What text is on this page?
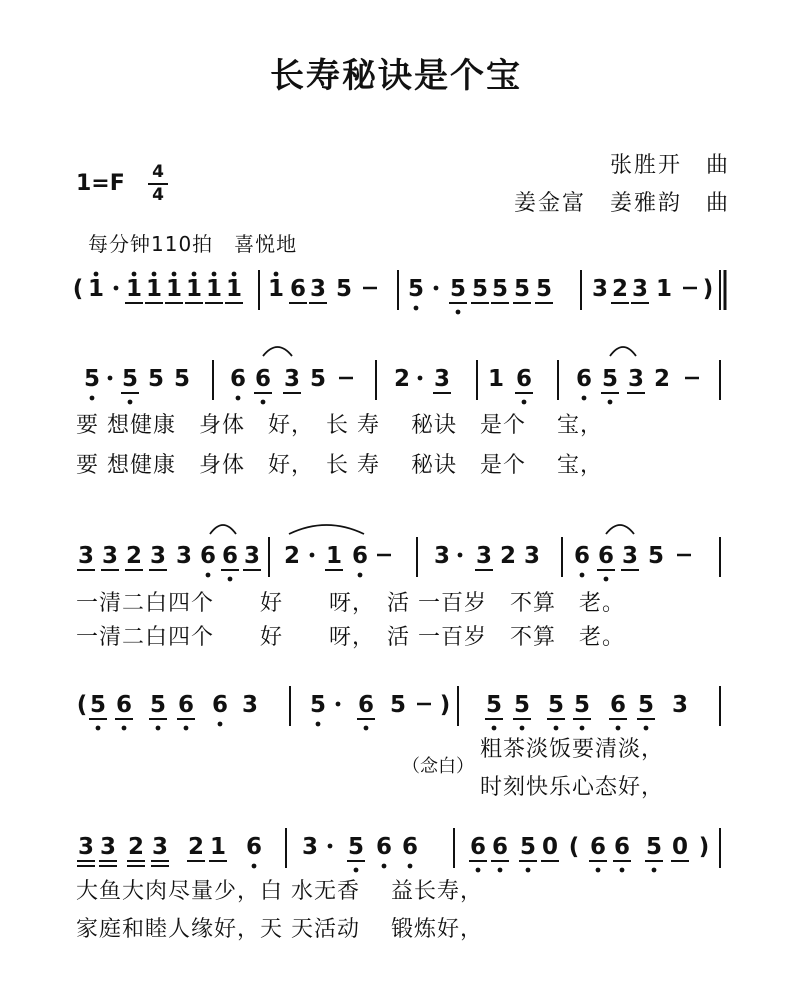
长寿秘诀是个宝
张胜开　曲
姜金富　姜雅韵　曲
1=F 4
4
每分钟110拍　喜悦地
( 1 1 1 1 1 1 1 1 6 3 5 5 5 5 5 5 5 3 2 3 1 )
5 5 5 5 6 6 3 5	2 3 1 6 6 5 3 2
3 3 2 3 3 6 6 3 2 1 6	3 3 2 3 6 6 3 5
( 5 6 5 6 6 3 5 6 5 ) 5 5 5 5 6 5 3
3 3 2 3 2 1 6 3 5 6 6 6 6 5 0 ( 6 6 5 0 )
要 想健康　身体　好，　长 寿　 秘诀　是个　 宝，
要 想健康　身体　好，　长 寿　 秘诀　是个　 宝，
一清二白四个　　好　　呀，　活 一百岁　不算　老。
一清二白四个　　好　　呀，　活 一百岁　不算　老。
（念白）
粗茶淡饭要清淡，
时刻快乐心态好，
大鱼大肉尽量少，白 水无香　 益长寿，
家庭和睦人缘好，天 天活动　 锻炼好，
